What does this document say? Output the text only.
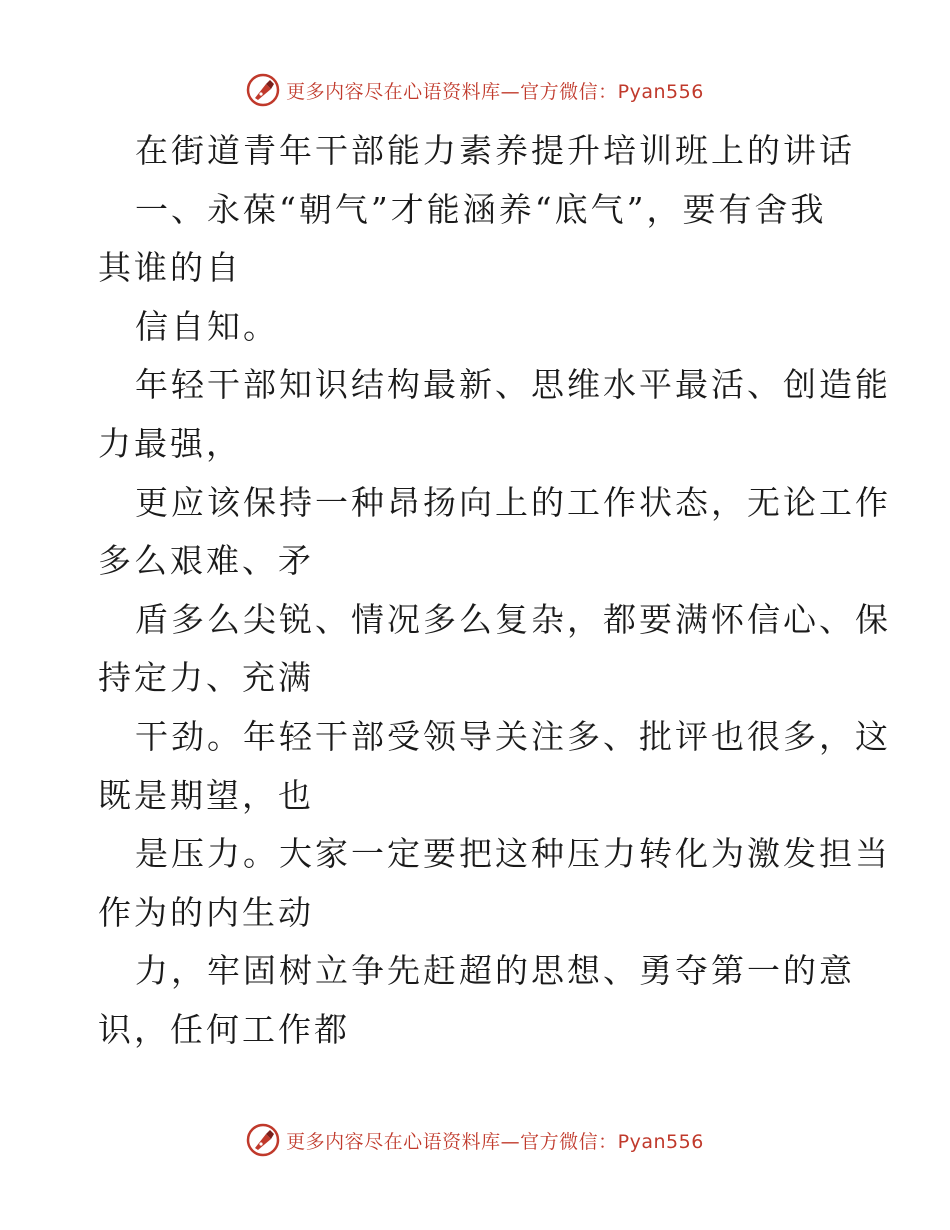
更多内容尽在心语资料库—官方微信：Pyan556
在街道青年干部能力素养提升培训班上的讲话
一、永葆“朝气”才能涵养“底气”，要有舍我
其谁的自
信自知。
年轻干部知识结构最新、思维水平最活、创造能
力最强，
更应该保持一种昂扬向上的工作状态，无论工作
多么艰难、矛
盾多么尖锐、情况多么复杂，都要满怀信心、保
持定力、充满
干劲。年轻干部受领导关注多、批评也很多，这
既是期望，也
是压力。大家一定要把这种压力转化为激发担当
作为的内生动
力，牢固树立争先赶超的思想、勇夺第一的意
识，任何工作都
更多内容尽在心语资料库—官方微信：Pyan556
